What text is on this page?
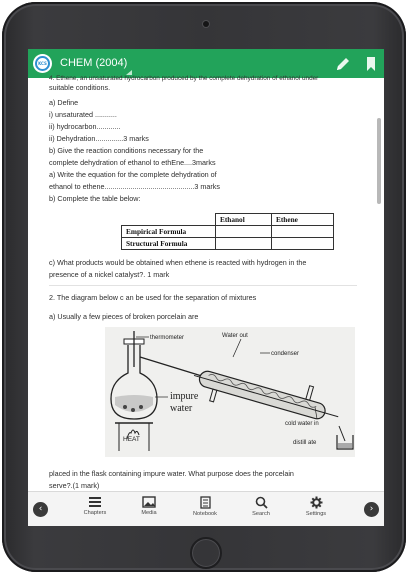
KCS CHEM (2004)
4. Ethene, an unsaturated hydrocarbon produced by the complete dehydration of ethanol under
suitable conditions.
a) Define
i) unsaturated ...........
ii) hydrocarbon............
ii) Dehydration..............3 marks
b) Give the reaction conditions necessary for the
complete dehydration of ethanol to ethEne....3marks
a) Write the equation for the complete dehydration of
ethanol to ethene.............................................3 marks
b) Complete the table below:
	Ethanol	Ethene
Empirical Formula		
Structural Formula		
c) What products would be obtained when ethene is reacted with hydrogen in the
presence of a nickel catalyst?. 1 mark
2. The diagram below c an be used for the separation of mixtures
a) Usually a few pieces of broken porcelain are
thermometer	Water out
condenser
impure
water
cold water in
distill ate
HEAT
placed in the flask containing impure water. What purpose does the porcelain
serve?.(1 mark)
‹	Chapters	Media	Notebook	Search	Settings	›
